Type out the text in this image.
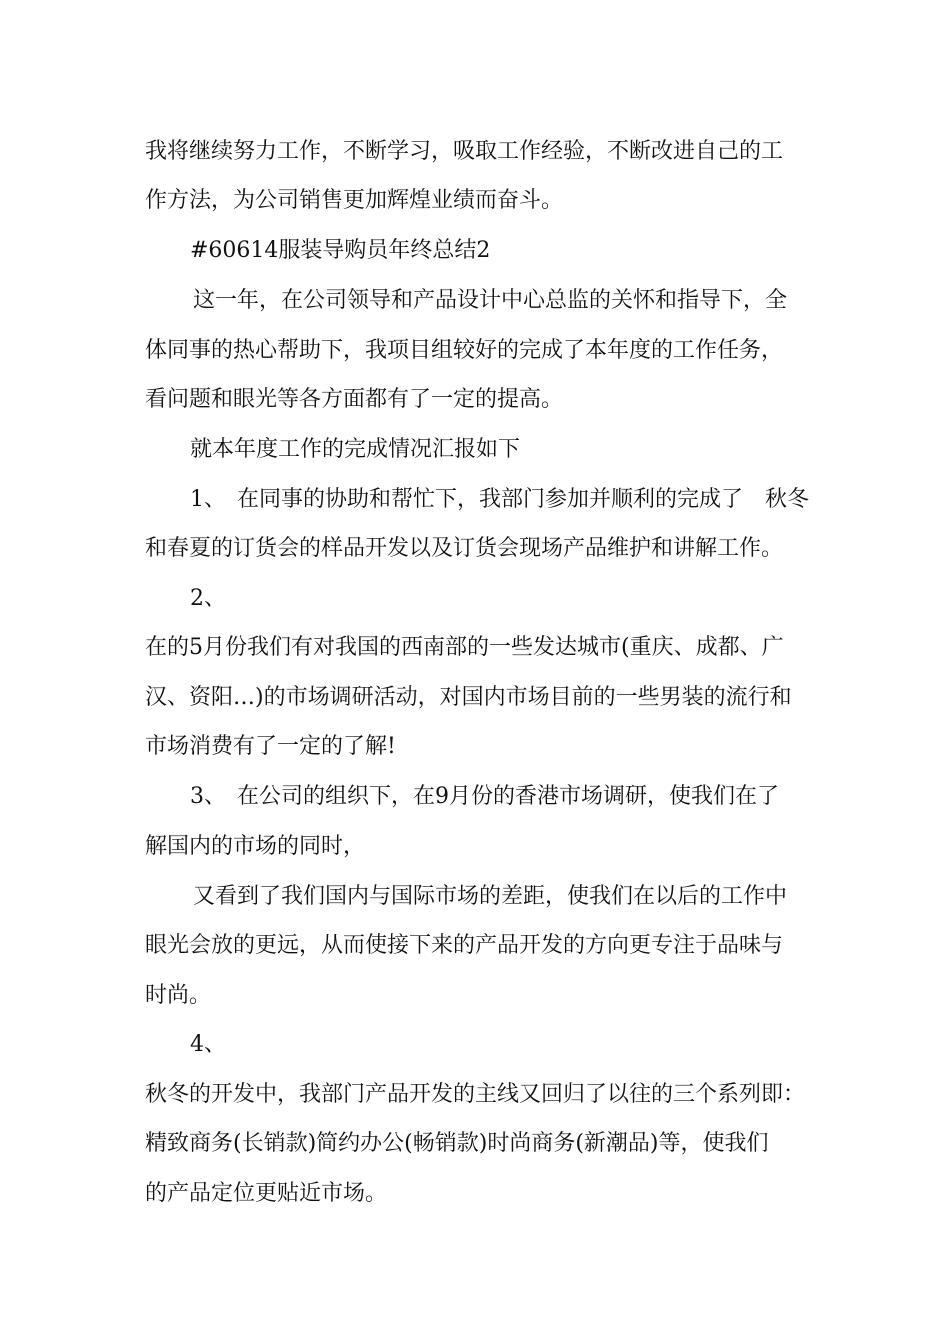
我将继续努力工作，不断学习，吸取工作经验，不断改进自己的工
作方法，为公司销售更加辉煌业绩而奋斗。
#60614服装导购员年终总结2
这一年，在公司领导和产品设计中心总监的关怀和指导下，全
体同事的热心帮助下，我项目组较好的完成了本年度的工作任务，
看问题和眼光等各方面都有了一定的提高。
就本年度工作的完成情况汇报如下
1、　在同事的协助和帮忙下，我部门参加并顺利的完成了　秋冬
和春夏的订货会的样品开发以及订货会现场产品维护和讲解工作。
2、
在的5月份我们有对我国的西南部的一些发达城市(重庆、成都、广
汉、资阳…)的市场调研活动，对国内市场目前的一些男装的流行和
市场消费有了一定的了解!
3、　在公司的组织下，在9月份的香港市场调研，使我们在了
解国内的市场的同时，
又看到了我们国内与国际市场的差距，使我们在以后的工作中
眼光会放的更远，从而使接下来的产品开发的方向更专注于品味与
时尚。
4、
秋冬的开发中，我部门产品开发的主线又回归了以往的三个系列即：
精致商务(长销款)简约办公(畅销款)时尚商务(新潮品)等，使我们
的产品定位更贴近市场。
